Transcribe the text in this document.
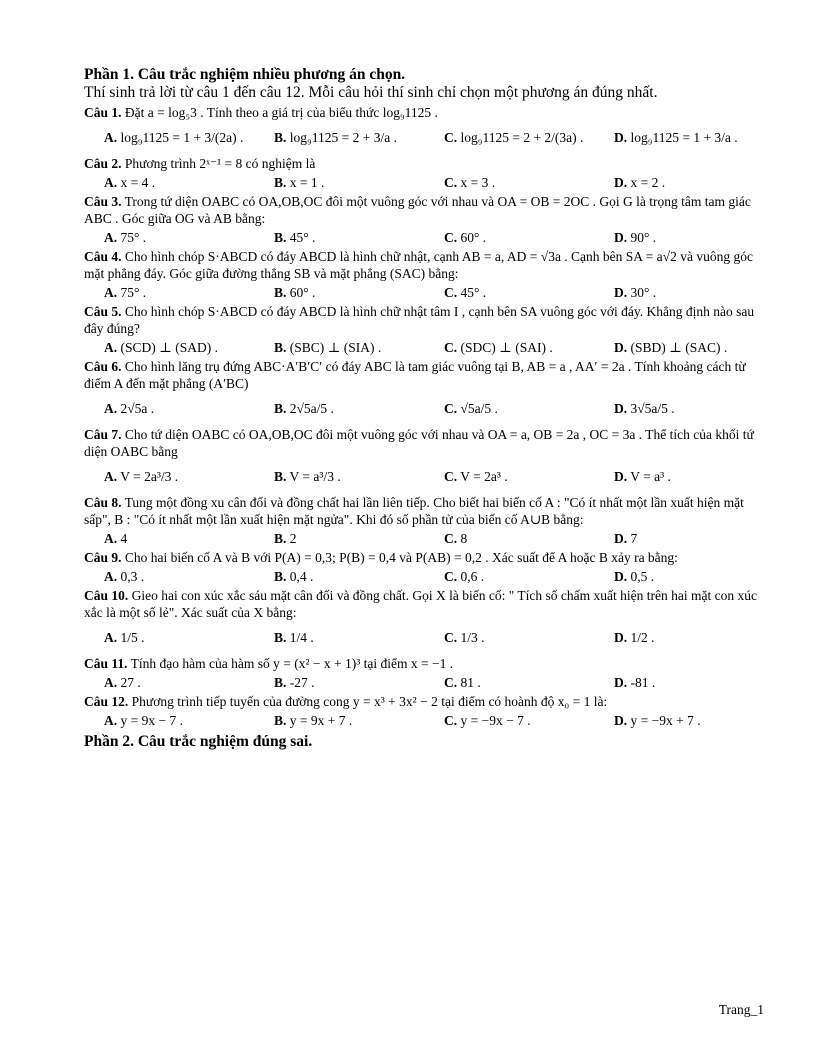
Phần 1. Câu trắc nghiệm nhiều phương án chọn.

Thí sinh trả lời từ câu 1 đến câu 12. Mỗi câu hỏi thí sinh chỉ chọn một phương án đúng nhất.

Câu 1. Đặt a = log₅3 . Tính theo a giá trị của biểu thức log₉1125 .

A. log₉1125 = 1 + 3/(2a) .	B. log₉1125 = 2 + 3/a .	C. log₉1125 = 2 + 2/(3a) .	D. log₉1125 = 1 + 3/a .

Câu 2. Phương trình 2ˣ⁻¹ = 8 có nghiệm là

A. x = 4 .	B. x = 1 .	C. x = 3 .	D. x = 2 .

Câu 3. Trong tứ diện OABC có OA,OB,OC đôi một vuông góc với nhau và OA = OB = 2OC . Gọi G là trọng tâm tam giác ABC . Góc giữa OG và AB bằng:

A. 75° .	B. 45° .	C. 60° .	D. 90° .

Câu 4. Cho hình chóp S·ABCD có đáy ABCD là hình chữ nhật, cạnh AB = a, AD = √3a . Cạnh bên SA = a√2 và vuông góc mặt phẳng đáy. Góc giữa đường thẳng SB và mặt phẳng (SAC) bằng:

A. 75° .	B. 60° .	C. 45° .	D. 30° .

Câu 5. Cho hình chóp S·ABCD có đáy ABCD là hình chữ nhật tâm I , cạnh bên SA vuông góc với đáy. Khẳng định nào sau đây đúng?

A. (SCD) ⊥ (SAD) .	B. (SBC) ⊥ (SIA) .	C. (SDC) ⊥ (SAI) .	D. (SBD) ⊥ (SAC) .

Câu 6. Cho hình lăng trụ đứng ABC·A′B′C′ có đáy ABC là tam giác vuông tại B, AB = a , AA′ = 2a . Tính khoảng cách từ điểm A đến mặt phẳng (A′BC)

A. 2√5a .	B. 2√5a/5 .	C. √5a/5 .	D. 3√5a/5 .

Câu 7. Cho tứ diện OABC có OA,OB,OC đôi một vuông góc với nhau và OA = a, OB = 2a , OC = 3a . Thể tích của khối tứ diện OABC bằng

A. V = 2a³/3 .	B. V = a³/3 .	C. V = 2a³ .	D. V = a³ .

Câu 8. Tung một đồng xu cân đối và đồng chất hai lần liên tiếp. Cho biết hai biến cố A : "Có ít nhất một lần xuất hiện mặt sấp", B : "Có ít nhất một lần xuất hiện mặt ngửa". Khi đó số phần tử của biến cố A∪B bằng:

A. 4	B. 2	C. 8	D. 7

Câu 9. Cho hai biến cố A và B với P(A) = 0,3; P(B) = 0,4 và P(AB) = 0,2 . Xác suất để A hoặc B xảy ra bằng:

A. 0,3 .	B. 0,4 .	C. 0,6 .	D. 0,5 .

Câu 10. Gieo hai con xúc xắc sáu mặt cân đối và đồng chất. Gọi X là biến cố: " Tích số chấm xuất hiện trên hai mặt con xúc xắc là một số lẻ". Xác suất của X bằng:

A. 1/5 .	B. 1/4 .	C. 1/3 .	D. 1/2 .

Câu 11. Tính đạo hàm của hàm số y = (x² − x + 1)³ tại điểm x = −1 .

A. 27 .	B. -27 .	C. 81 .	D. -81 .

Câu 12. Phương trình tiếp tuyến của đường cong y = x³ + 3x² − 2 tại điểm có hoành độ x₀ = 1 là:

A. y = 9x − 7 .	B. y = 9x + 7 .	C. y = −9x − 7 .	D. y = −9x + 7 .

Phần 2. Câu trắc nghiệm đúng sai.

Trang_1
